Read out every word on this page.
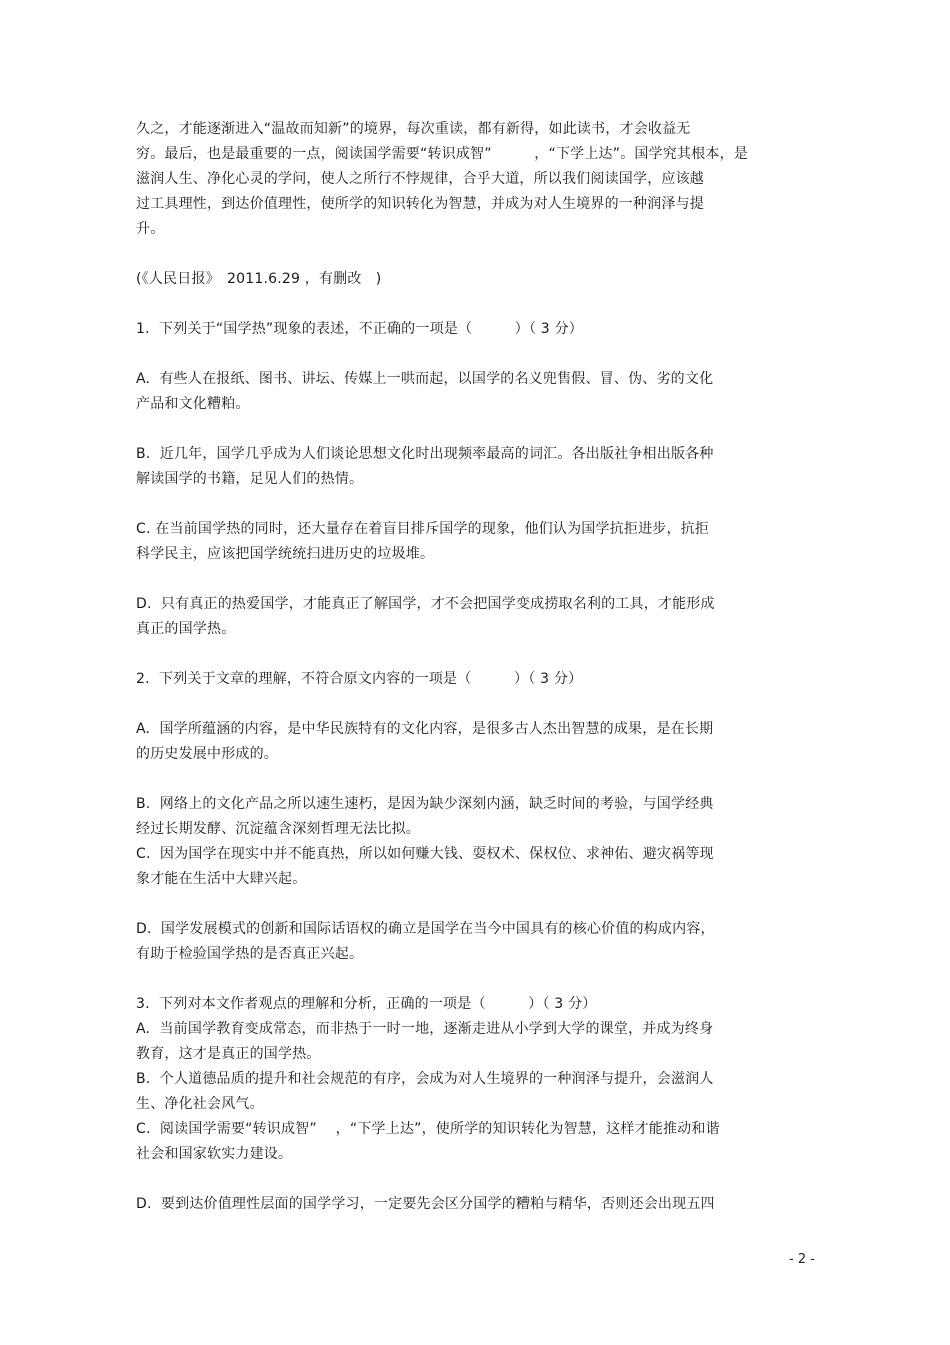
久之，才能逐渐进入“温故而知新”的境界，每次重读，都有新得，如此读书，才会收益无
穷。最后，也是最重要的一点，阅读国学需要“转识成智”　　　，“下学上达”。国学究其根本，是
滋润人生、净化心灵的学问，使人之所行不悖规律，合乎大道，所以我们阅读国学，应该越
过工具理性，到达价值理性，使所学的知识转化为智慧，并成为对人生境界的一种润泽与提
升。
(《人民日报》　2011.6.29 ，有删改　)
1.  下列关于“国学热”现象的表述，不正确的一项是（　　　）（ 3 分）
A.  有些人在报纸、图书、讲坛、传媒上一哄而起，以国学的名义兜售假、冒、伪、劣的文化
产品和文化糟粕。
B.  近几年，国学几乎成为人们谈论思想文化时出现频率最高的词汇。各出版社争相出版各种
解读国学的书籍，足见人们的热情。
C. 在当前国学热的同时，还大量存在着盲目排斥国学的现象，他们认为国学抗拒进步，抗拒
科学民主，应该把国学统统扫进历史的垃圾堆。
D.  只有真正的热爱国学，才能真正了解国学，才不会把国学变成捞取名利的工具，才能形成
真正的国学热。
2.  下列关于文章的理解，不符合原文内容的一项是（　　　）（ 3 分）
A.  国学所蕴涵的内容，是中华民族特有的文化内容，是很多古人杰出智慧的成果，是在长期
的历史发展中形成的。
B.  网络上的文化产品之所以速生速朽，是因为缺少深刻内涵，缺乏时间的考验，与国学经典
经过长期发酵、沉淀蕴含深刻哲理无法比拟。
C.  因为国学在现实中并不能真热，所以如何赚大钱、耍权术、保权位、求神佑、避灾祸等现
象才能在生活中大肆兴起。
D.  国学发展模式的创新和国际话语权的确立是国学在当今中国具有的核心价值的构成内容，
有助于检验国学热的是否真正兴起。
3.  下列对本文作者观点的理解和分析，正确的一项是（　　　）（ 3 分）
A.  当前国学教育变成常态，而非热于一时一地，逐渐走进从小学到大学的课堂，并成为终身
教育，这才是真正的国学热。
B.  个人道德品质的提升和社会规范的有序，会成为对人生境界的一种润泽与提升，会滋润人
生、净化社会风气。
C.  阅读国学需要“转识成智”　 ，“下学上达”，使所学的知识转化为智慧，这样才能推动和谐
社会和国家软实力建设。
D.  要到达价值理性层面的国学学习，一定要先会区分国学的糟粕与精华，否则还会出现五四
- 2 -
